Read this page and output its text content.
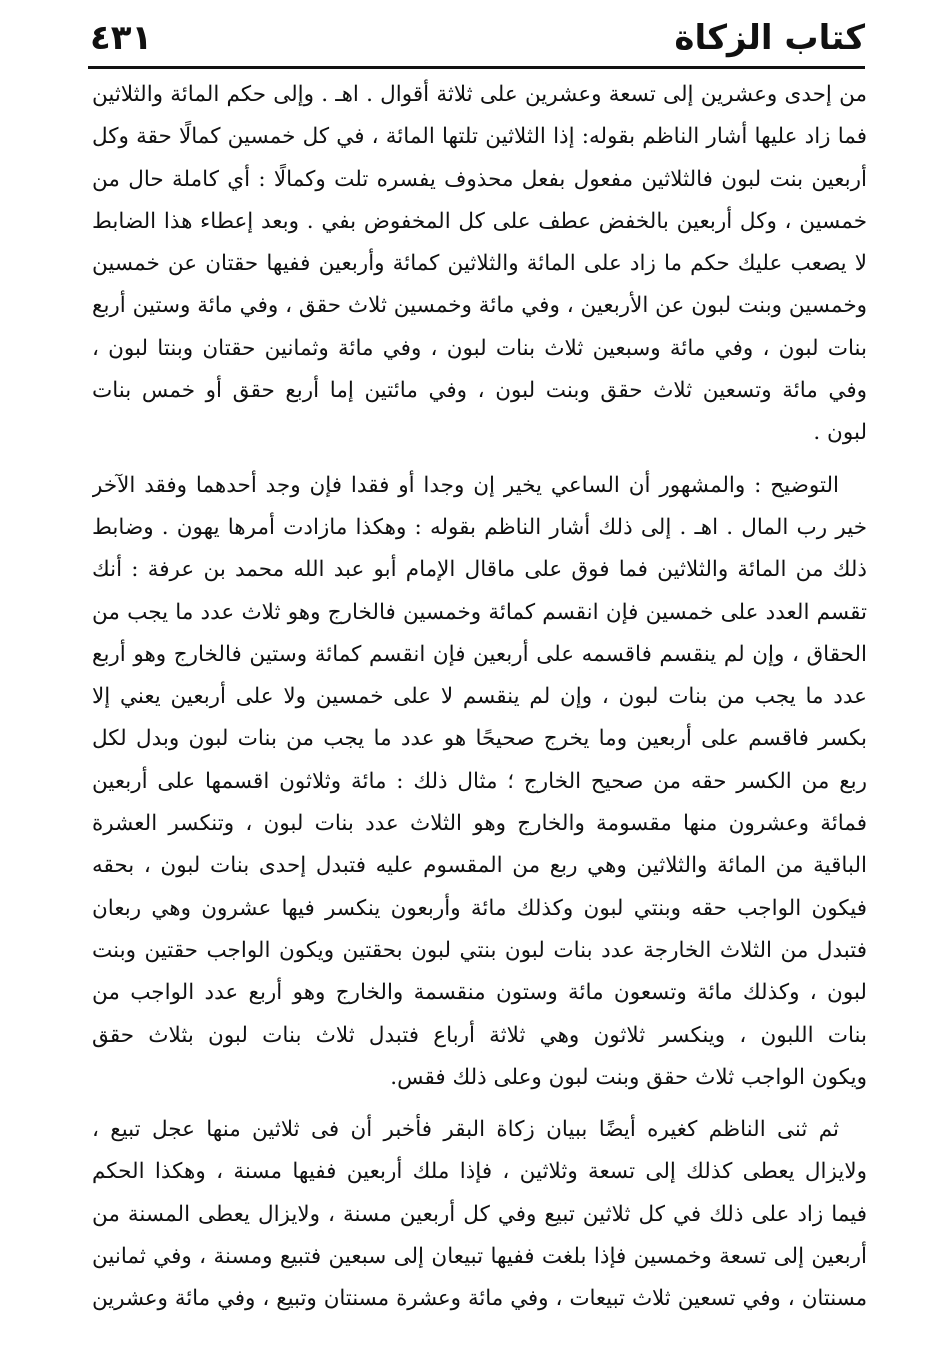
كتاب الزكاة
٤٣١
من إحدى وعشرين إلى تسعة وعشرين على ثلاثة أقوال . اهـ . وإلى حكم المائة والثلاثين
فما زاد عليها أشار الناظم بقوله: إذا الثلاثين تلتها المائة ، في كل خمسين كمالًا حقة وكل
أربعين بنت لبون فالثلاثين مفعول بفعل محذوف يفسره تلت وكمالًا : أي كاملة حال من
خمسين ، وكل أربعين بالخفض عطف على كل المخفوض بفي . وبعد إعطاء هذا الضابط
لا يصعب عليك حكم ما زاد على المائة والثلاثين كمائة وأربعين ففيها حقتان عن خمسين
وخمسين وبنت لبون عن الأربعين ، وفي مائة وخمسين ثلاث حقق ، وفي مائة وستين أربع
بنات لبون ، وفي مائة وسبعين ثلاث بنات لبون ، وفي مائة وثمانين حقتان وبنتا لبون ،
وفي مائة وتسعين ثلاث حقق وبنت لبون ، وفي مائتين إما أربع حقق أو خمس بنات
لبون .
التوضيح : والمشهور أن الساعي يخير إن وجدا أو فقدا فإن وجد أحدهما وفقد الآخر
خير رب المال . اهـ . إلى ذلك أشار الناظم بقوله : وهكذا مازادت أمرها يهون . وضابط
ذلك من المائة والثلاثين فما فوق على ماقال الإمام أبو عبد الله محمد بن عرفة : أنك
تقسم العدد على خمسين فإن انقسم كمائة وخمسين فالخارج وهو ثلاث عدد ما يجب من
الحقاق ، وإن لم ينقسم فاقسمه على أربعين فإن انقسم كمائة وستين فالخارج وهو أربع
عدد ما يجب من بنات لبون ، وإن لم ينقسم لا على خمسين ولا على أربعين يعني إلا
بكسر فاقسم على أربعين وما يخرج صحيحًا هو عدد ما يجب من بنات لبون وبدل لكل
ربع من الكسر حقه من صحيح الخارج ؛ مثال ذلك : مائة وثلاثون اقسمها على أربعين
فمائة وعشرون منها مقسومة والخارج وهو الثلاث عدد بنات لبون ، وتنكسر العشرة
الباقية من المائة والثلاثين وهي ربع من المقسوم عليه فتبدل إحدى بنات لبون ، بحقه
فيكون الواجب حقه وبنتي لبون وكذلك مائة وأربعون ينكسر فيها عشرون وهي ربعان
فتبدل من الثلاث الخارجة عدد بنات لبون بنتي لبون بحقتين ويكون الواجب حقتين وبنت
لبون ، وكذلك مائة وتسعون مائة وستون منقسمة والخارج وهو أربع عدد الواجب من
بنات اللبون ، وينكسر ثلاثون وهي ثلاثة أرباع فتبدل ثلاث بنات لبون بثلاث حقق
ويكون الواجب ثلاث حقق وبنت لبون وعلى ذلك فقس.
ثم ثنى الناظم كغيره أيضًا ببيان زكاة البقر فأخبر أن فى ثلاثين منها عجل تبيع ،
ولايزال يعطى كذلك إلى تسعة وثلاثين ، فإذا ملك أربعين ففيها مسنة ، وهكذا الحكم
فيما زاد على ذلك في كل ثلاثين تبيع وفي كل أربعين مسنة ، ولايزال يعطى المسنة من
أربعين إلى تسعة وخمسين فإذا بلغت ففيها تبيعان إلى سبعين فتبيع ومسنة ، وفي ثمانين
مسنتان ، وفي تسعين ثلاث تبيعات ، وفي مائة وعشرة مسنتان وتبيع ، وفي مائة وعشرين
